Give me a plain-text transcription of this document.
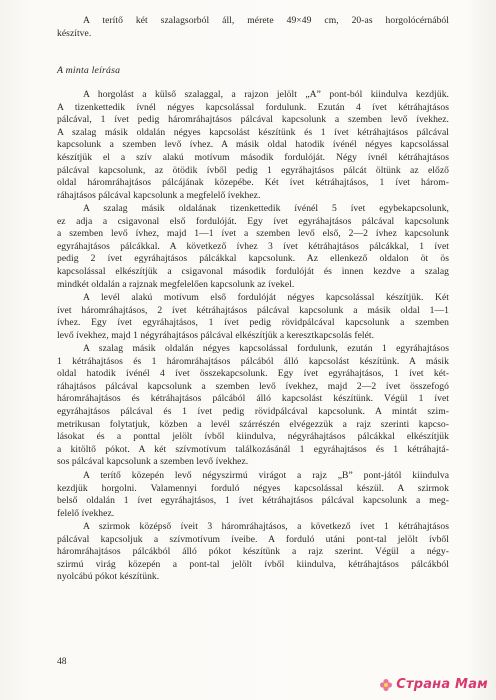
A terítő két szalagsorból áll, mérete 49×49 cm, 20-as horgolócérnából
készítve.

A minta leírása

A horgolást a külső szalaggal, a rajzon jelölt „A” pont-ból kiindulva kezdjük.
A tizenkettedik ívnél négyes kapcsolással fordulunk. Ezután 4 ívet kétráhajtásos
pálcával, 1 ívet pedig háromráhajtásos pálcával kapcsolunk a szemben levő ívekhez.
A szalag másik oldalán négyes kapcsolást készítünk és 1 ívet kétráhajtásos pálcával
kapcsolunk a szemben levő ívhez. A másik oldal hatodik ívénél négyes kapcsolással
készítjük el a szív alakú motívum második fordulóját. Négy ívnél kétráhajtásos
pálcával kapcsolunk, az ötödik ívből pedig 1 egyráhajtásos pálcát öltünk az előző
oldal háromráhajtásos pálcájának közepébe. Két ívet kétráhajtásos, 1 ívet három-
ráhajtásos pálcával kapcsolunk a megfelelő ívekhez.

A szalag másik oldalának tizenkettedik ívénél 5 ívet egybekapcsolunk,
ez adja a csigavonal első fordulóját. Egy ívet egyráhajtásos pálcával kapcsolunk
a szemben levő ívhez, majd 1—1 ívet a szemben levő első, 2—2 ívhez kapcsolunk
egyráhajtásos pálcákkal. A következő ívhez 3 ívet kétráhajtásos pálcákkal, 1 ívet
pedig 2 ívet egyráhajtásos pálcákkal kapcsolunk. Az ellenkező oldalon öt ös
kapcsolással elkészítjük a csigavonal második fordulóját és innen kezdve a szalag
mindkét oldalán a rajznak megfelelően kapcsolunk az ívekel.

A levél alakú motívum első fordulóját négyes kapcsolással készítjük. Két
ívet háromráhajtásos, 2 ívet kétráhajtásos pálcával kapcsolunk a másik oldal 1—1
ívhez. Egy ívet egyráhajtásos, 1 ívet pedig rövidpálcával kapcsolunk a szemben
levő ívekhez, majd 1 négyráhajtásos pálcával elkészítjük a keresztkapcsolás felét.

A szalag másik oldalán négyes kapcsolással fordulunk, ezután 1 egyráhajtásos
1 kétráhajtásos és 1 háromráhajtásos pálcából álló kapcsolást készítünk. A másik
oldal hatodik ívénél 4 ívet összekapcsolunk. Egy ívet egyráhajtásos, 1 ívet két-
ráhajtásos pálcával kapcsolunk a szemben levő ívekhez, majd 2—2 ívet összefogó
háromráhajtásos és kétráhajtásos pálcából álló kapcsolást készítünk. Végül 1 ívet
egyráhajtásos pálcával és 1 ívet pedig rövidpálcával kapcsolunk. A mintát szim-
metrikusan folytatjuk, közben a levél szárrészén elvégezzük a rajz szerinti kapcso-
lásokat és a ponttal jelölt ívből kiindulva, négyráhajtásos pálcákkal elkészítjük
a kitöltő pókot. A két szívmotívum találkozásánál 1 egyráhajtásos és 1 kétráhajtá-
sos pálcával kapcsolunk a szemben levő ívekhez.

A terítő közepén levő négyszirmú virágot a rajz „B” pont-jától kiindulva
kezdjük horgolni. Valamennyi forduló négyes kapcsolással készül. A szirmok
belső oldalán 1 ívet egyráhajtásos, 1 ívet kétráhajtásos pálcával kapcsolunk a meg-
felelő ívekhez.

A szirmok középső íveit 3 háromráhajtásos, a következő ívet 1 kétráhajtásos
pálcával kapcsoljuk a szívmotívum íveibe. A forduló utáni pont-tal jelölt ívből
háromráhajtásos pálcákból álló pókot készítünk a rajz szerint. Végül a négy-
szirmú virág közepén a pont-tal jelölt ívből kiindulva, kétráhajtásos pálcákból
nyolcábú pókot készítünk.

48
Страна Мам
